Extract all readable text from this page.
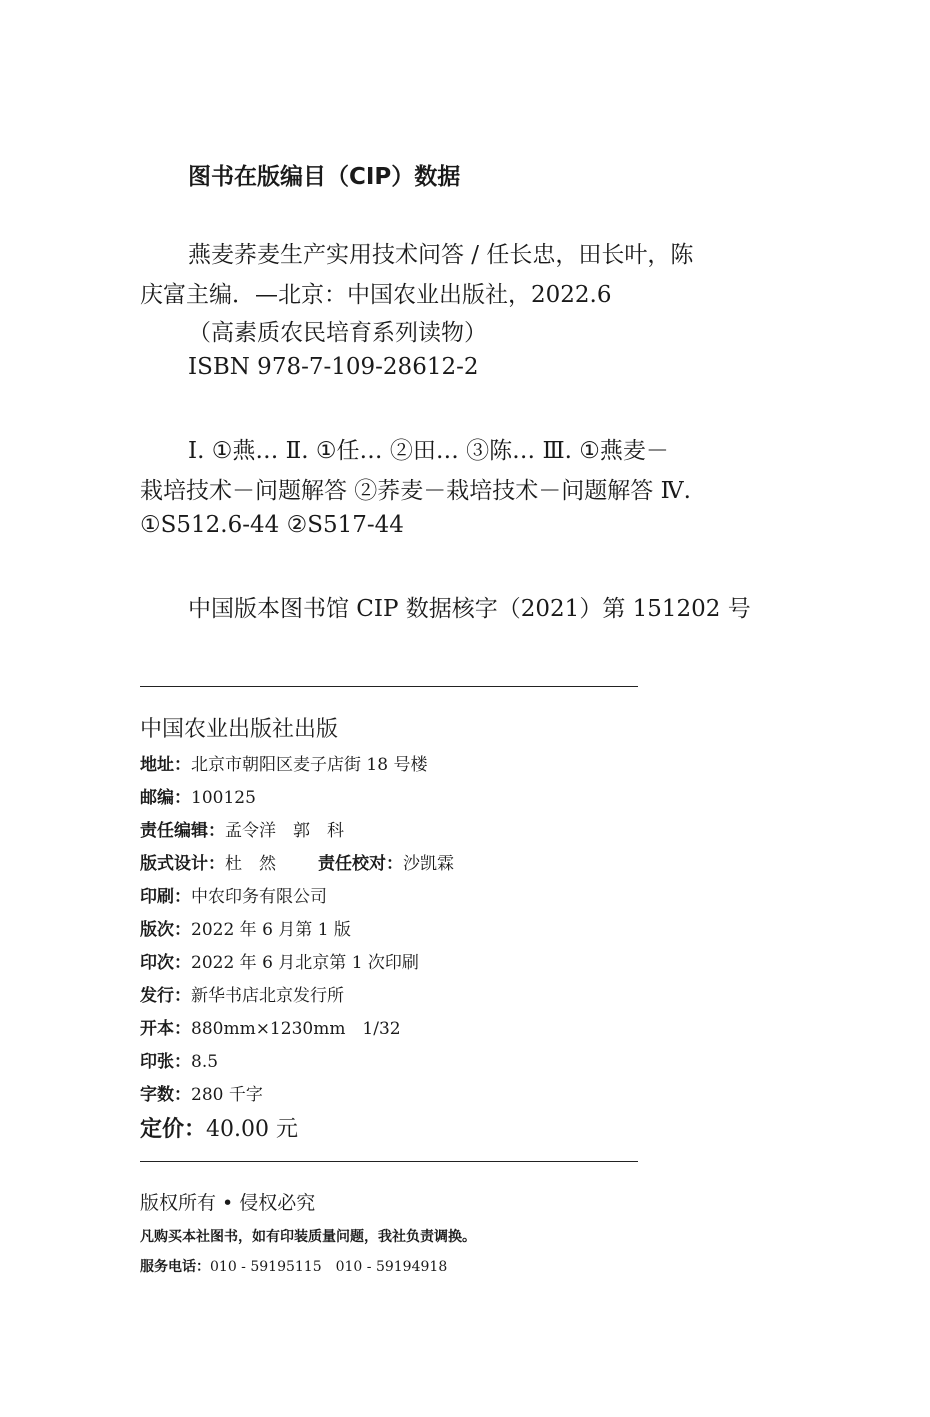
图书在版编目（CIP）数据
燕麦荞麦生产实用技术问答 / 任长忠，田长叶，陈
庆富主编．—北京：中国农业出版社，2022.6
（高素质农民培育系列读物）
ISBN 978-7-109-28612-2
Ⅰ. ①燕… Ⅱ. ①任… ②田… ③陈… Ⅲ. ①燕麦－
栽培技术－问题解答 ②荞麦－栽培技术－问题解答 Ⅳ.
①S512.6-44 ②S517-44
中国版本图书馆 CIP 数据核字（2021）第 151202 号
中国农业出版社出版
地址：北京市朝阳区麦子店街 18 号楼
邮编：100125
责任编辑：孟令洋　郭　科
版式设计：杜　然 责任校对：沙凯霖
印刷：中农印务有限公司
版次：2022 年 6 月第 1 版
印次：2022 年 6 月北京第 1 次印刷
发行：新华书店北京发行所
开本：880mm×1230mm　1/32
印张：8.5
字数：280 千字
定价：40.00 元
版权所有 • 侵权必究
凡购买本社图书，如有印装质量问题，我社负责调换。
服务电话：010 - 59195115　010 - 59194918
